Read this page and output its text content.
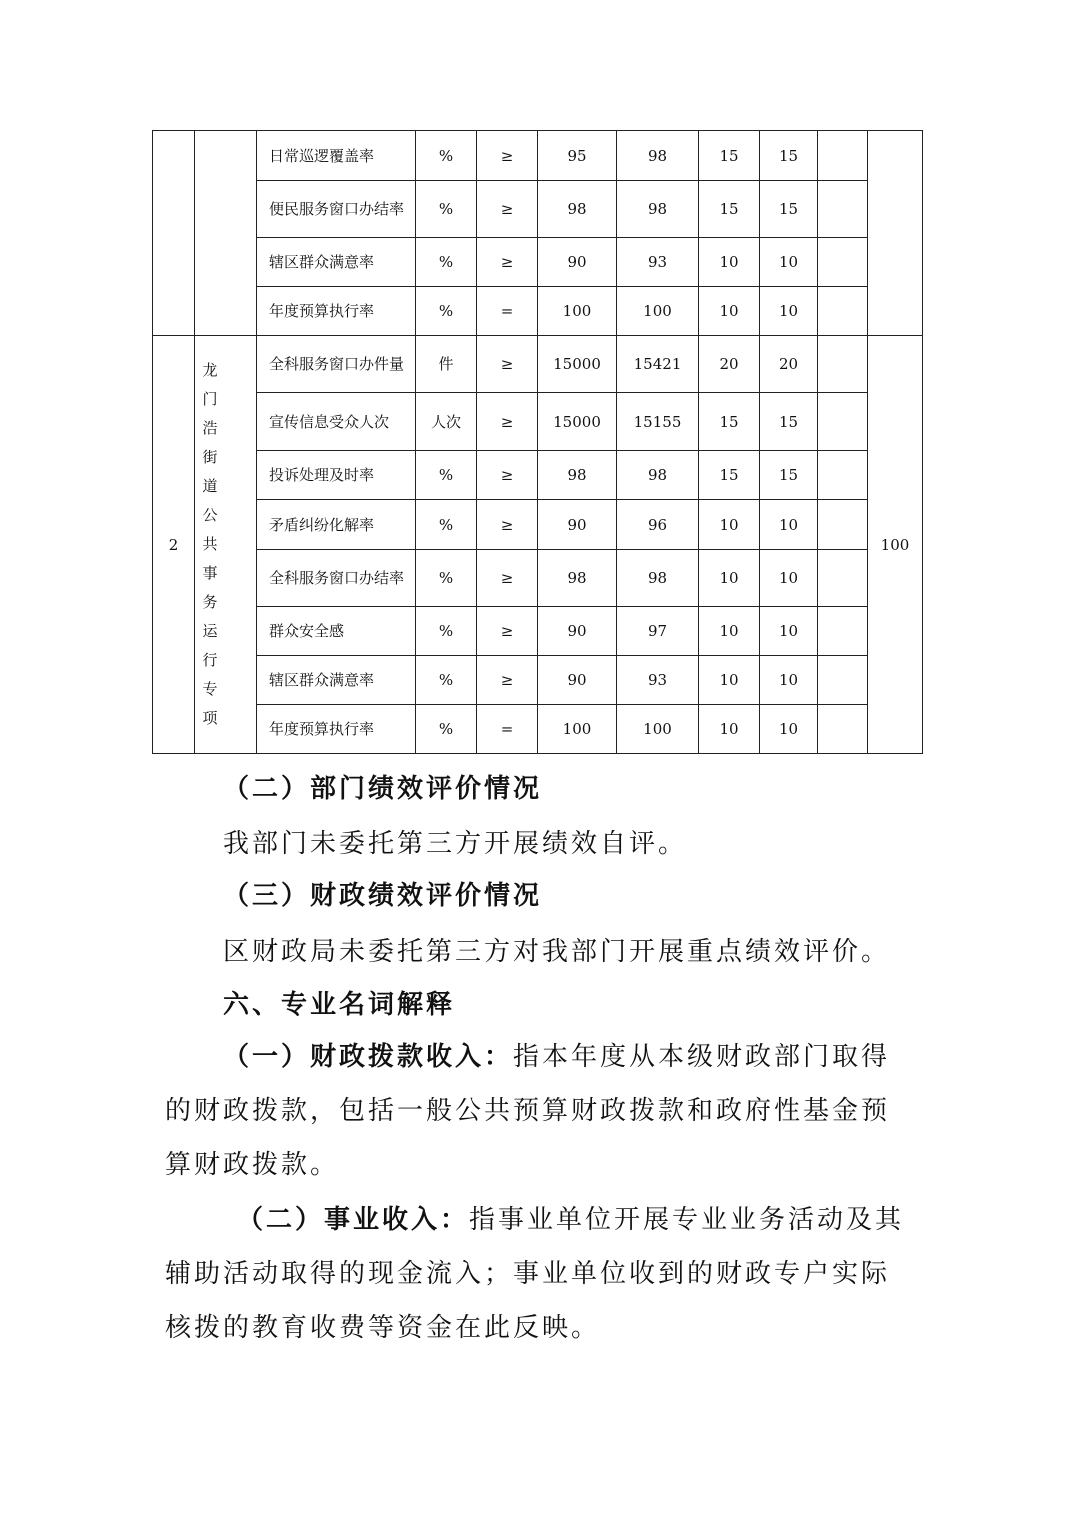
		日常巡逻覆盖率	%	≥	95	98	15	15		
		便民服务窗口办结率	%	≥	98	98	15	15		
		辖区群众满意率	%	≥	90	93	10	10		
		年度预算执行率	%	=	100	100	10	10		
2	龙门浩街道公共事务运行专项	全科服务窗口办件量	件	≥	15000	15421	20	20		100
		宣传信息受众人次	人次	≥	15000	15155	15	15		
		投诉处理及时率	%	≥	98	98	15	15		
		矛盾纠纷化解率	%	≥	90	96	10	10		
		全科服务窗口办结率	%	≥	98	98	10	10		
		群众安全感	%	≥	90	97	10	10		
		辖区群众满意率	%	≥	90	93	10	10		
		年度预算执行率	%	=	100	100	10	10		

（二）部门绩效评价情况

我部门未委托第三方开展绩效自评。

（三）财政绩效评价情况

区财政局未委托第三方对我部门开展重点绩效评价。

六、专业名词解释

（一）财政拨款收入：指本年度从本级财政部门取得的财政拨款，包括一般公共预算财政拨款和政府性基金预算财政拨款。

（二）事业收入：指事业单位开展专业业务活动及其辅助活动取得的现金流入；事业单位收到的财政专户实际核拨的教育收费等资金在此反映。
